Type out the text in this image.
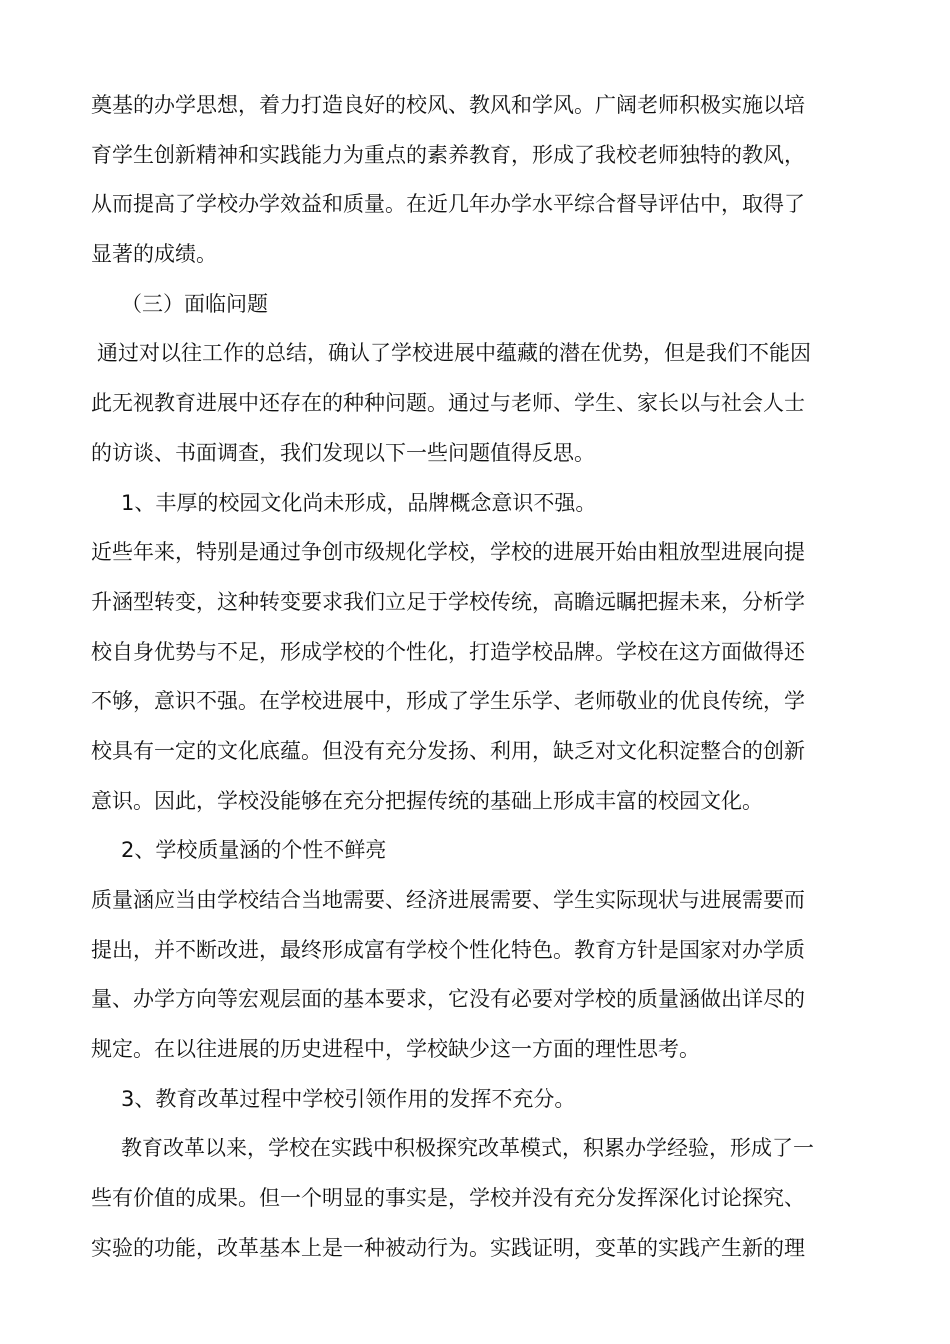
奠基的办学思想，着力打造良好的校风、教风和学风。广阔老师积极实施以培
育学生创新精神和实践能力为重点的素养教育，形成了我校老师独特的教风，
从而提高了学校办学效益和质量。在近几年办学水平综合督导评估中，取得了
显著的成绩。
（三）面临问题
通过对以往工作的总结，确认了学校进展中蕴藏的潜在优势，但是我们不能因
此无视教育进展中还存在的种种问题。通过与老师、学生、家长以与社会人士
的访谈、书面调查，我们发现以下一些问题值得反思。
1、丰厚的校园文化尚未形成，品牌概念意识不强。
近些年来，特别是通过争创市级规化学校，学校的进展开始由粗放型进展向提
升涵型转变，这种转变要求我们立足于学校传统，高瞻远瞩把握未来，分析学
校自身优势与不足，形成学校的个性化，打造学校品牌。学校在这方面做得还
不够，意识不强。在学校进展中，形成了学生乐学、老师敬业的优良传统，学
校具有一定的文化底蕴。但没有充分发扬、利用，缺乏对文化积淀整合的创新
意识。因此，学校没能够在充分把握传统的基础上形成丰富的校园文化。
2、学校质量涵的个性不鲜亮
质量涵应当由学校结合当地需要、经济进展需要、学生实际现状与进展需要而
提出，并不断改进，最终形成富有学校个性化特色。教育方针是国家对办学质
量、办学方向等宏观层面的基本要求，它没有必要对学校的质量涵做出详尽的
规定。在以往进展的历史进程中，学校缺少这一方面的理性思考。
3、教育改革过程中学校引领作用的发挥不充分。
教育改革以来，学校在实践中积极探究改革模式，积累办学经验，形成了一
些有价值的成果。但一个明显的事实是，学校并没有充分发挥深化讨论探究、
实验的功能，改革基本上是一种被动行为。实践证明，变革的实践产生新的理
